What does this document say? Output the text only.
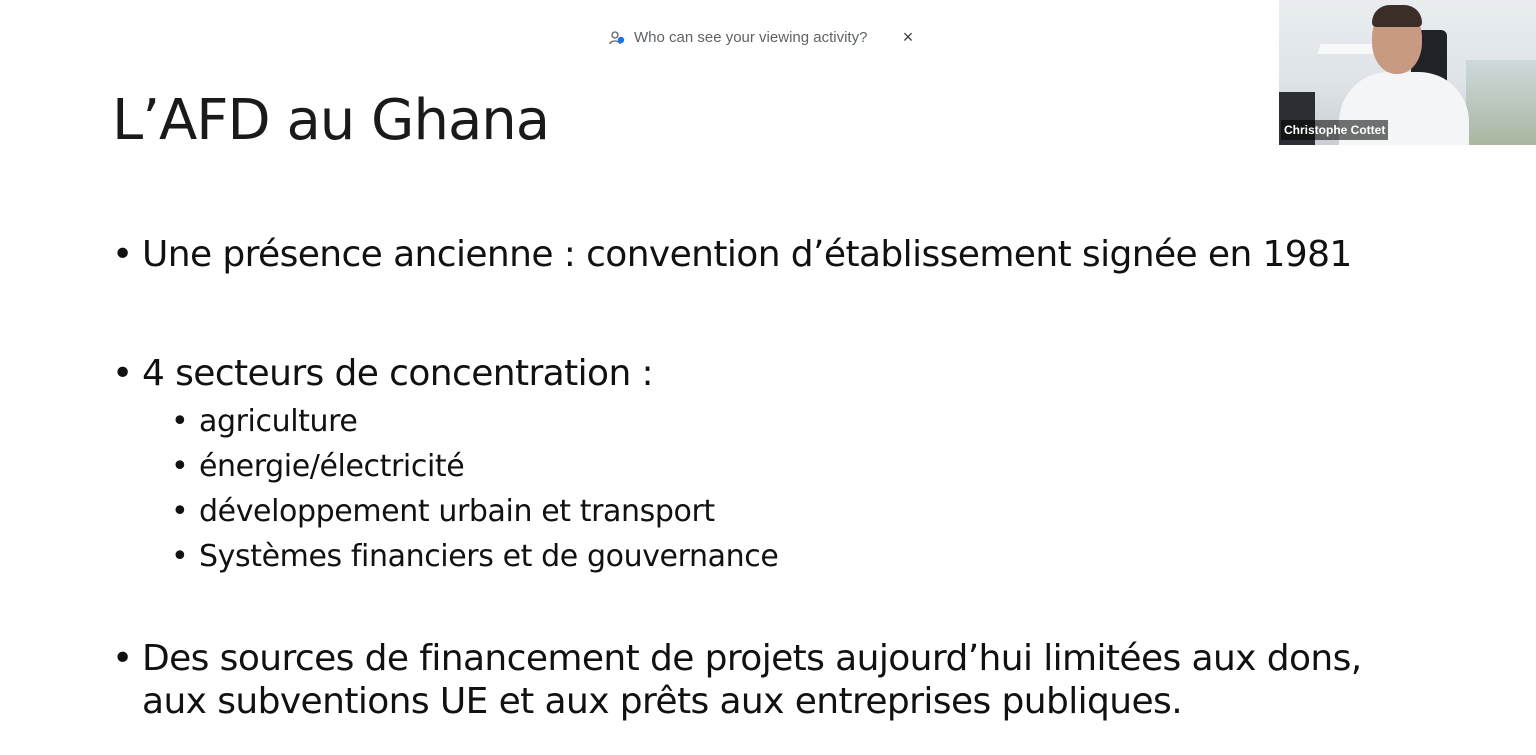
Who can see your viewing activity? ×
L’AFD au Ghana
• Une présence ancienne : convention d’établissement signée en 1981
• 4 secteurs de concentration :
• agriculture
• énergie/électricité
• développement urbain et transport
• Systèmes financiers et de gouvernance
• Des sources de financement de projets aujourd’hui limitées aux dons,
aux subventions UE et aux prêts aux entreprises publiques.
Christophe Cottet
